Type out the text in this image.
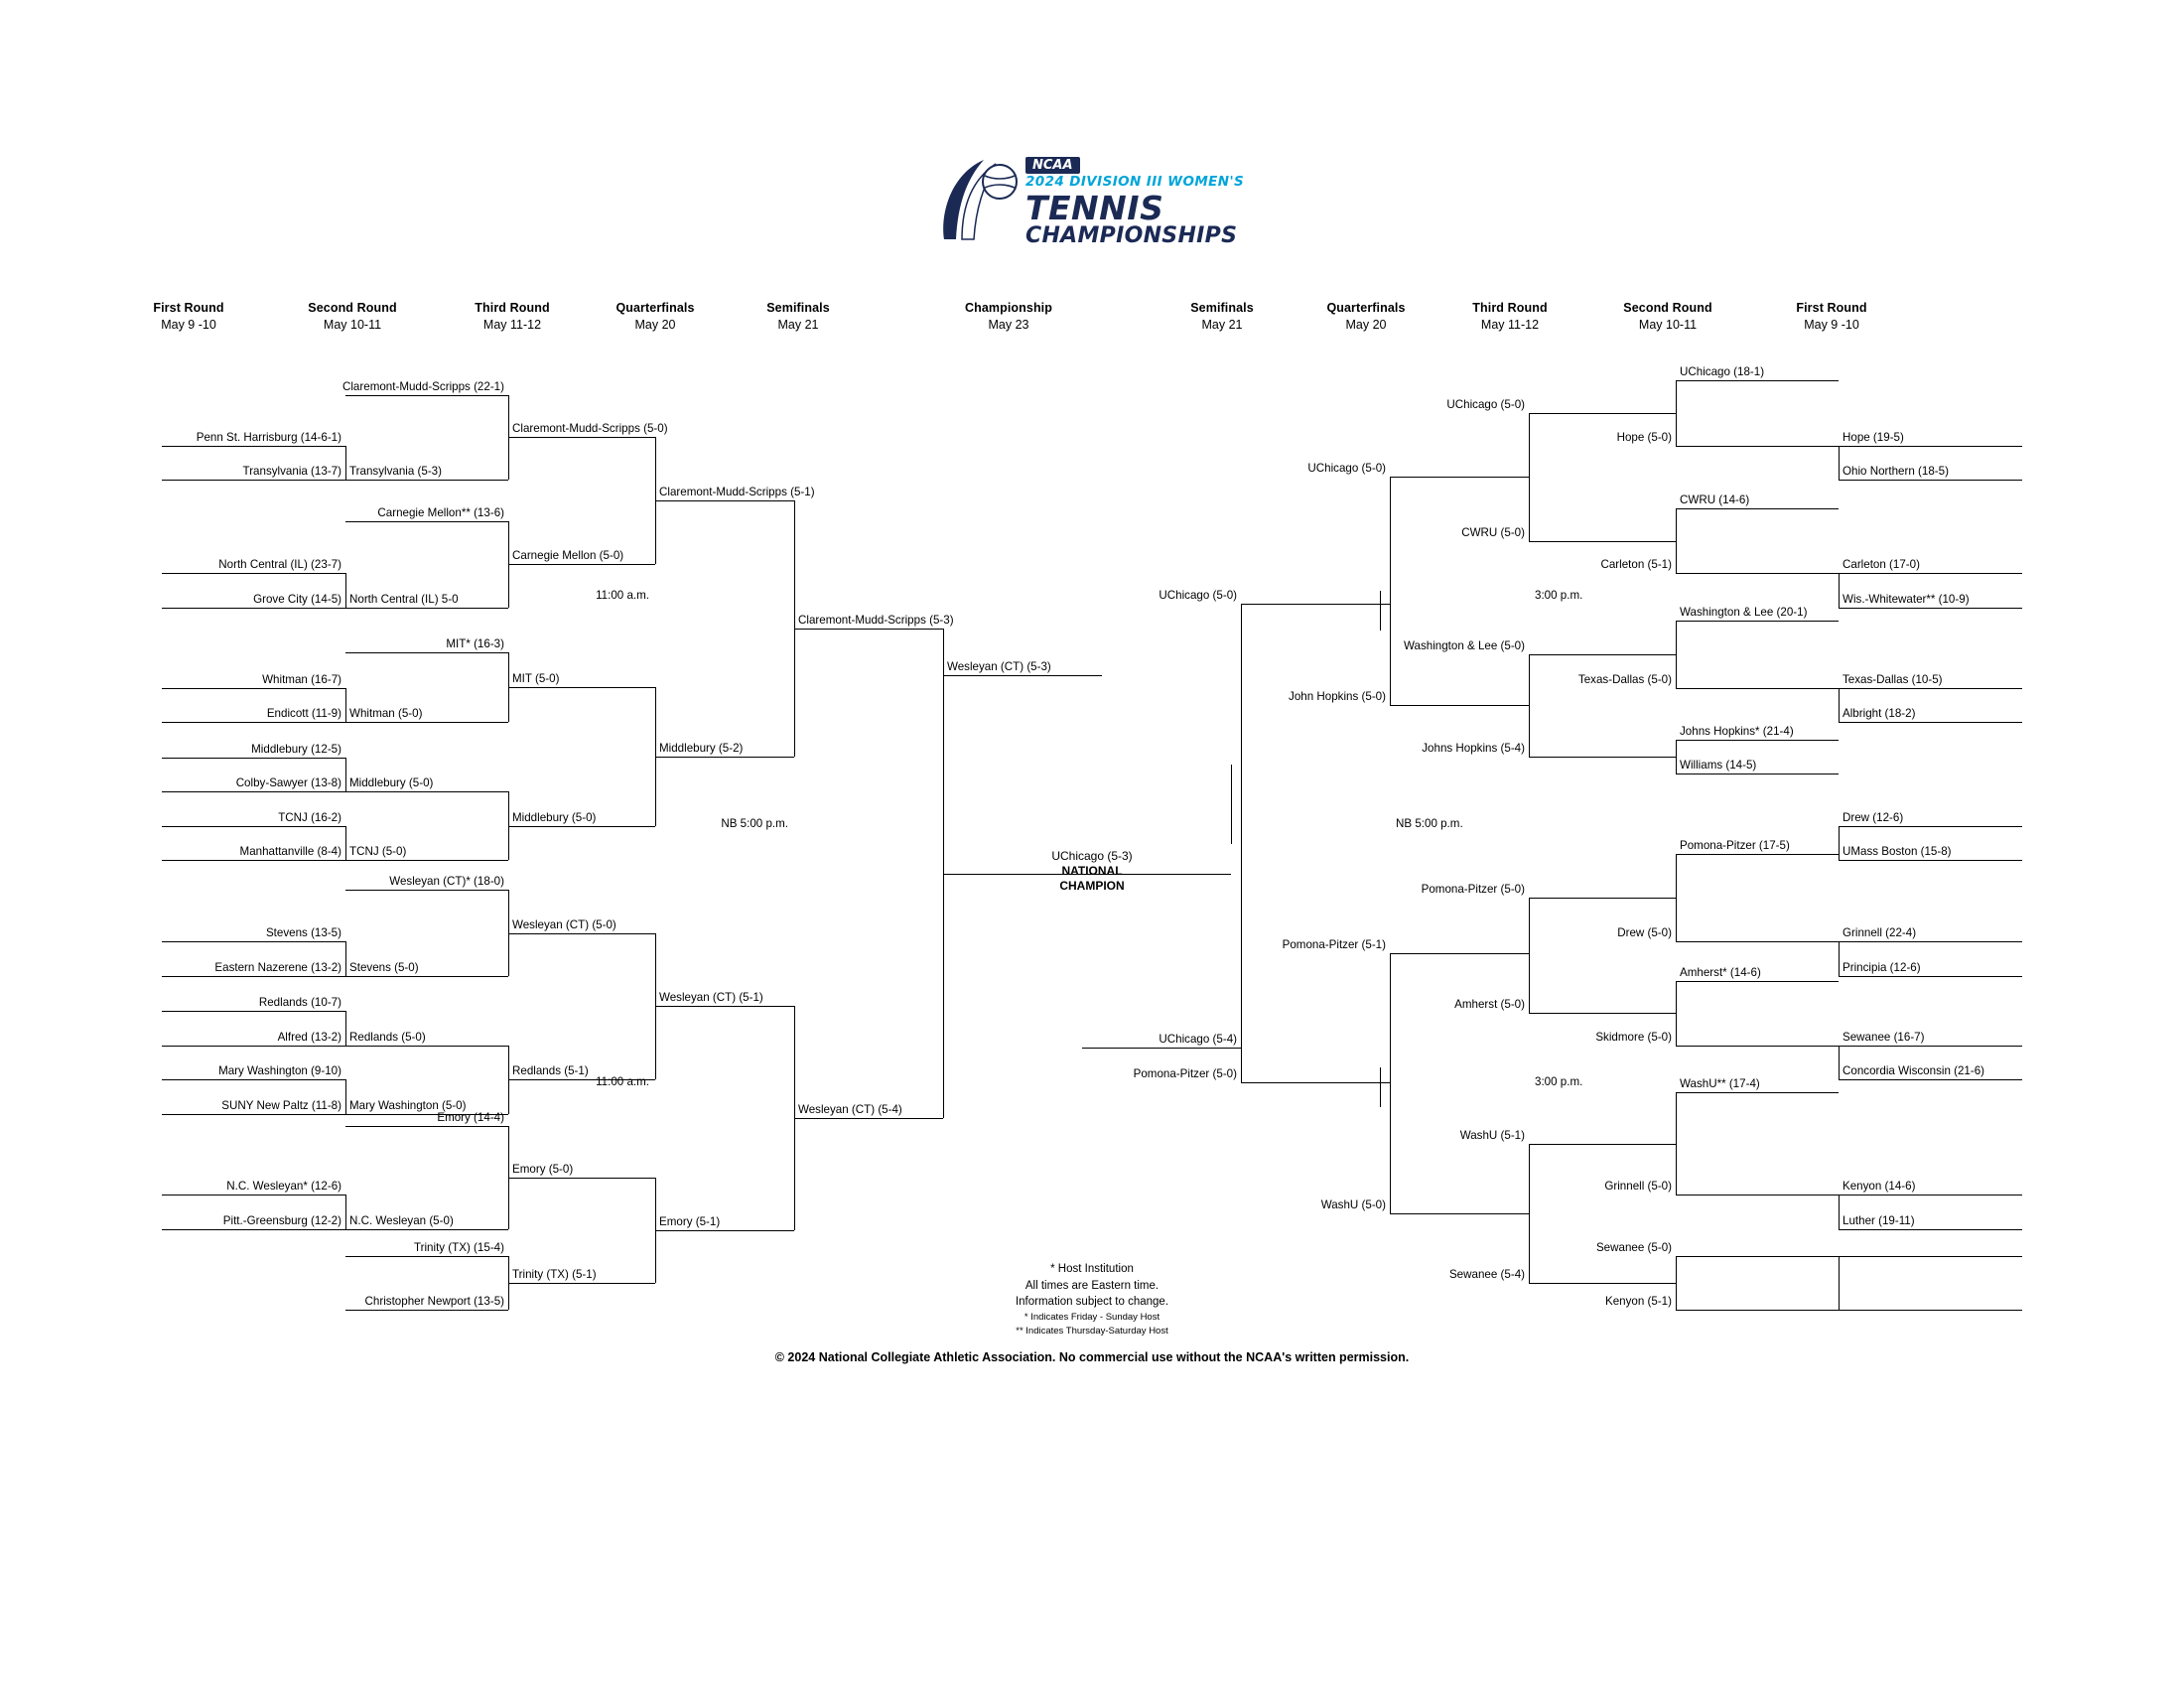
NCAA
2024 DIVISION III WOMEN'S
TENNIS
CHAMPIONSHIPS
First Round
May 9 -10
Second Round
May 10-11
Third Round
May 11-12
Quarterfinals
May 20
Semifinals
May 21
Championship
May 23
Semifinals
May 21
Quarterfinals
May 20
Third Round
May 11-12
Second Round
May 10-11
First Round
May 9 -10
Penn St. Harrisburg (14-6-1)
Transylvania (13-7)
North Central (IL) (23-7)
Grove City (14-5)
Whitman (16-7)
Endicott (11-9)
Middlebury (12-5)
Colby-Sawyer (13-8)
TCNJ (16-2)
Manhattanville (8-4)
Stevens (13-5)
Eastern Nazerene (13-2)
Redlands (10-7)
Alfred (13-2)
Mary Washington (9-10)
SUNY New Paltz (11-8)
N.C. Wesleyan* (12-6)
Pitt.-Greensburg (12-2)
Claremont-Mudd-Scripps (22-1)
Carnegie Mellon** (13-6)
MIT* (16-3)
Wesleyan (CT)* (18-0)
Emory (14-4)
Trinity (TX) (15-4)
Christopher Newport (13-5)
Transylvania (5-3)
North Central (IL) 5-0
Whitman (5-0)
Middlebury (5-0)
TCNJ (5-0)
Stevens (5-0)
Redlands (5-0)
Mary Washington (5-0)
N.C. Wesleyan (5-0)
Claremont-Mudd-Scripps (5-0)
Carnegie Mellon (5-0)
MIT (5-0)
Middlebury (5-0)
Wesleyan (CT) (5-0)
Redlands (5-1)
Emory (5-0)
Trinity (TX) (5-1)
Claremont-Mudd-Scripps (5-1)
Middlebury (5-2)
Wesleyan (CT) (5-1)
Emory (5-1)
Claremont-Mudd-Scripps (5-3)
Wesleyan (CT) (5-4)
Wesleyan (CT) (5-3)
11:00 a.m.
11:00 a.m.
NB 5:00 p.m.
Hope (19-5)
Ohio Northern (18-5)
Carleton (17-0)
Wis.-Whitewater** (10-9)
Texas-Dallas (10-5)
Albright (18-2)
Drew (12-6)
UMass Boston (15-8)
Grinnell (22-4)
Principia (12-6)
Sewanee (16-7)
Concordia Wisconsin (21-6)
Kenyon (14-6)
Luther (19-11)
UChicago (18-1)
CWRU (14-6)
Washington & Lee (20-1)
Johns Hopkins* (21-4)
Williams (14-5)
Pomona-Pitzer (17-5)
Amherst* (14-6)
WashU** (17-4)
Hope (5-0)
Carleton (5-1)
Texas-Dallas (5-0)
Drew (5-0)
Skidmore (5-0)
Grinnell (5-0)
Sewanee (5-0)
Kenyon (5-1)
UChicago (5-0)
CWRU (5-0)
Washington & Lee (5-0)
Johns Hopkins (5-4)
Pomona-Pitzer (5-0)
Amherst (5-0)
WashU (5-1)
Sewanee (5-4)
UChicago (5-0)
John Hopkins (5-0)
Pomona-Pitzer (5-1)
WashU (5-0)
UChicago (5-0)
Pomona-Pitzer (5-0)
UChicago (5-4)
3:00 p.m.
3:00 p.m.
NB 5:00 p.m.
UChicago (5-3)
NATIONAL
CHAMPION
* Host Institution
All times are Eastern time.
Information subject to change.
* Indicates Friday - Sunday Host
** Indicates Thursday-Saturday Host
© 2024 National Collegiate Athletic Association. No commercial use without the NCAA's written permission.
